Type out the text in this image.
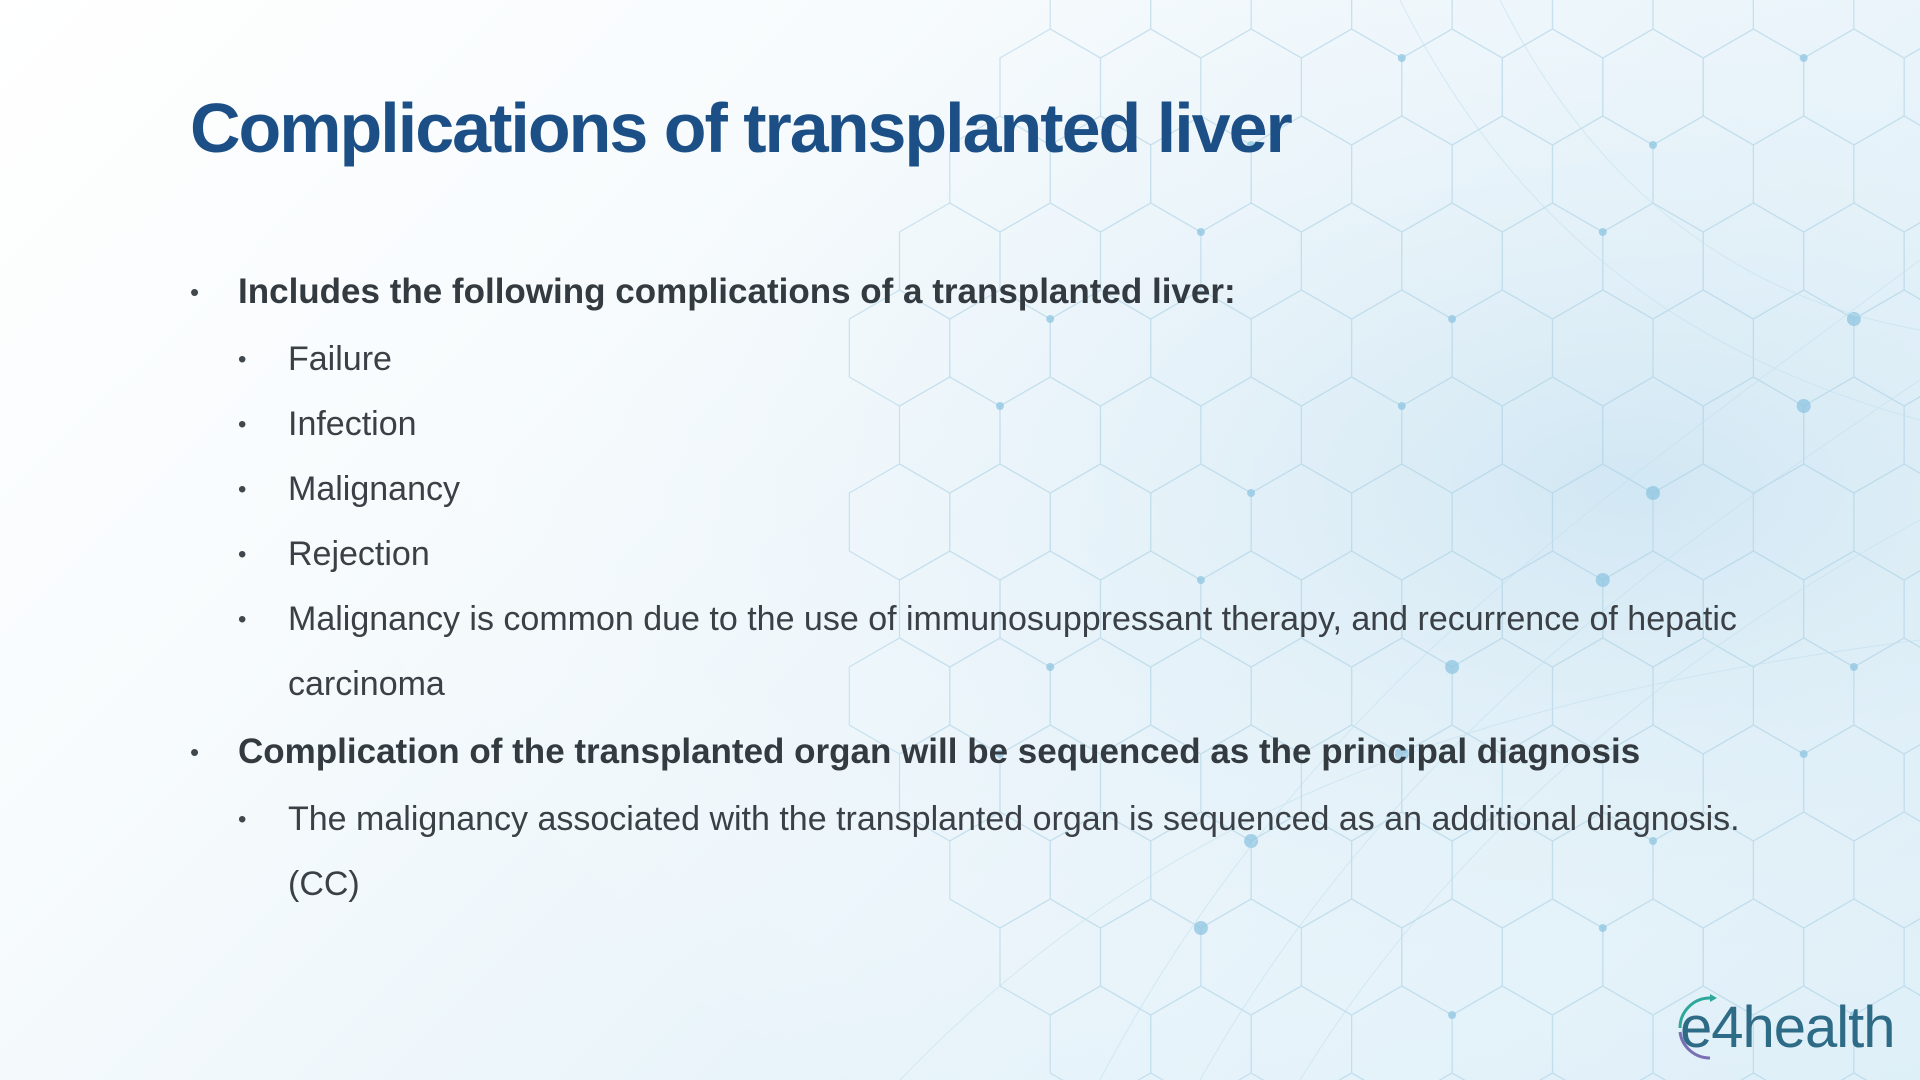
Complications of transplanted liver
• Includes the following complications of a transplanted liver:
• Failure
• Infection
• Malignancy
• Rejection
• Malignancy is common due to the use of immunosuppressant therapy, and recurrence of hepatic carcinoma
• Complication of the transplanted organ will be sequenced as the principal diagnosis
• The malignancy associated with the transplanted organ is sequenced as an additional diagnosis. (CC)
e4health
